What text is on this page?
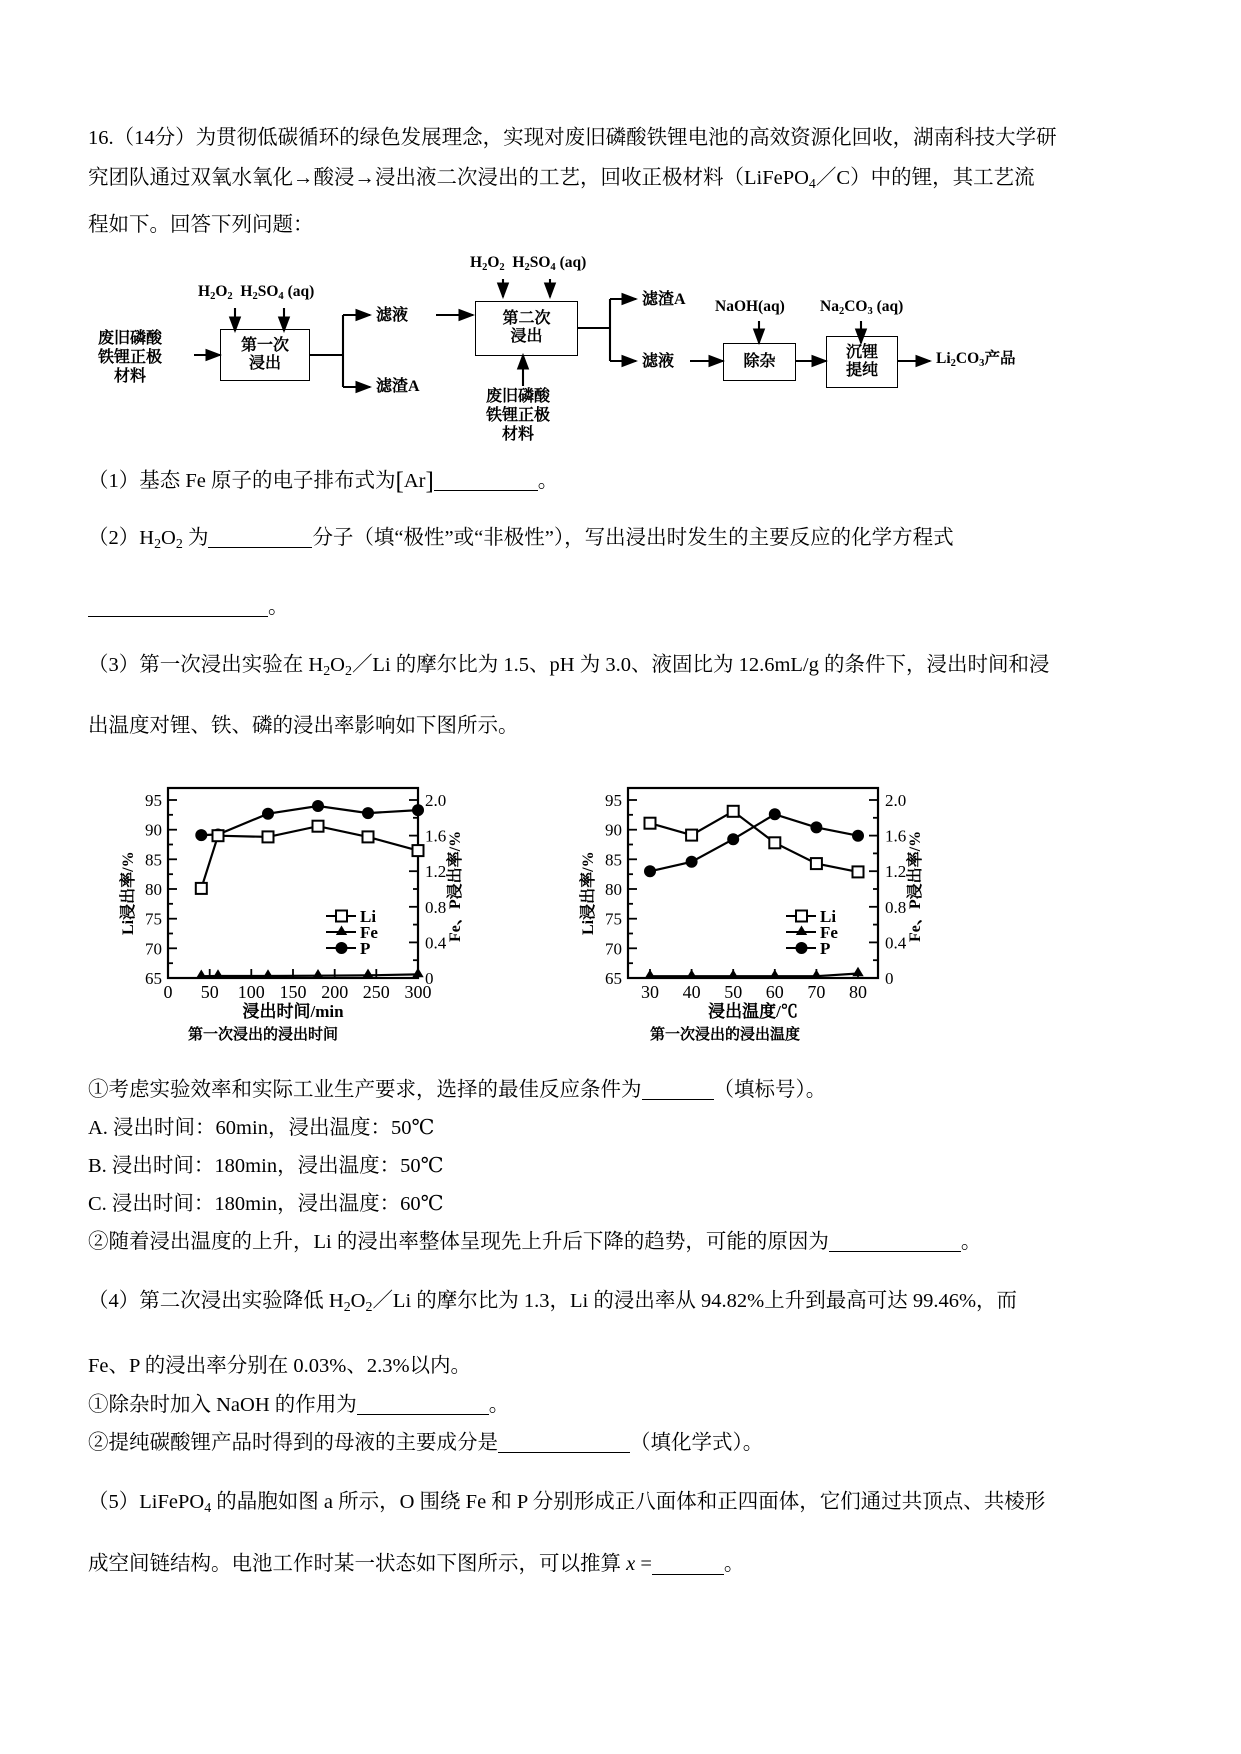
16.（14分）为贯彻低碳循环的绿色发展理念，实现对废旧磷酸铁锂电池的高效资源化回收，湖南科技大学研
究团队通过双氧水氧化→酸浸→浸出液二次浸出的工艺，回收正极材料（LiFePO$_4$／C）中的锂，其工艺流
程如下。回答下列问题：
废旧磷酸
铁锂正极
材料
$H_2O_2$  $H_2SO_4$ (aq)
第一次
浸出
滤液
滤渣A
$H_2O_2$  $H_2SO_4$ (aq)
第二次
浸出
废旧磷酸
铁锂正极
材料
滤渣A
滤液
NaOH(aq)
除杂
$Na_2CO_3$ (aq)
沉锂
提纯
$Li_2CO_3$产品
（1）基态 Fe 原子的电子排布式为[Ar]	。
$(2)H_2O_2$ 为	分子（填“极性”或“非极性”），写出浸出时发生的主要反应的化学方程式
。
（3）第一次浸出实验在 $H_2O_2/Li$ 的摩尔比为 1.5、pH 为 3.0、液固比为 12.6mL/g 的条件下，浸出时间和浸
出温度对锂、铁、磷的浸出率影响如下图所示。
95
90
85
80
75
70
65
2.0
1.6
1.2
0.8
0.4
0
0 50 100 150 200 250 300
Li
Fe
P
Li浸出率/%	Fe、P浸出率/%
浸出时间/min
第一次浸出的浸出时间
95
90
85
80
75
70
65
2.0
1.6
1.2
0.8
0.4
0
30 40 50 60 70 80
Li
Fe
P
Li浸出率/%	Fe、P浸出率/%
浸出温度/℃
第一次浸出的浸出温度
①考虑实验效率和实际工业生产要求，选择的最佳反应条件为	（填标号）。
A. 浸出时间：60min，浸出温度：50℃
B. 浸出时间：180min，浸出温度：50℃
C. 浸出时间：180min，浸出温度：60℃
②随着浸出温度的上升，Li 的浸出率整体呈现先上升后下降的趋势，可能的原因为	。
（4）第二次浸出实验降低 $H_2O_2/Li$ 的摩尔比为 1.3，Li 的浸出率从 94.82%上升到最高可达 99.46%，而
Fe、P 的浸出率分别在 0.03%、2.3%以内。
①除杂时加入 NaOH 的作用为	。
②提纯碳酸锂产品时得到的母液的主要成分是	（填化学式）。
（5）LiFePO$_4$ 的晶胞如图 a 所示，O 围绕 Fe 和 P 分别形成正八面体和正四面体，它们通过共顶点、共棱形
成空间链结构。电池工作时某一状态如下图所示，可以推算 x =	。
